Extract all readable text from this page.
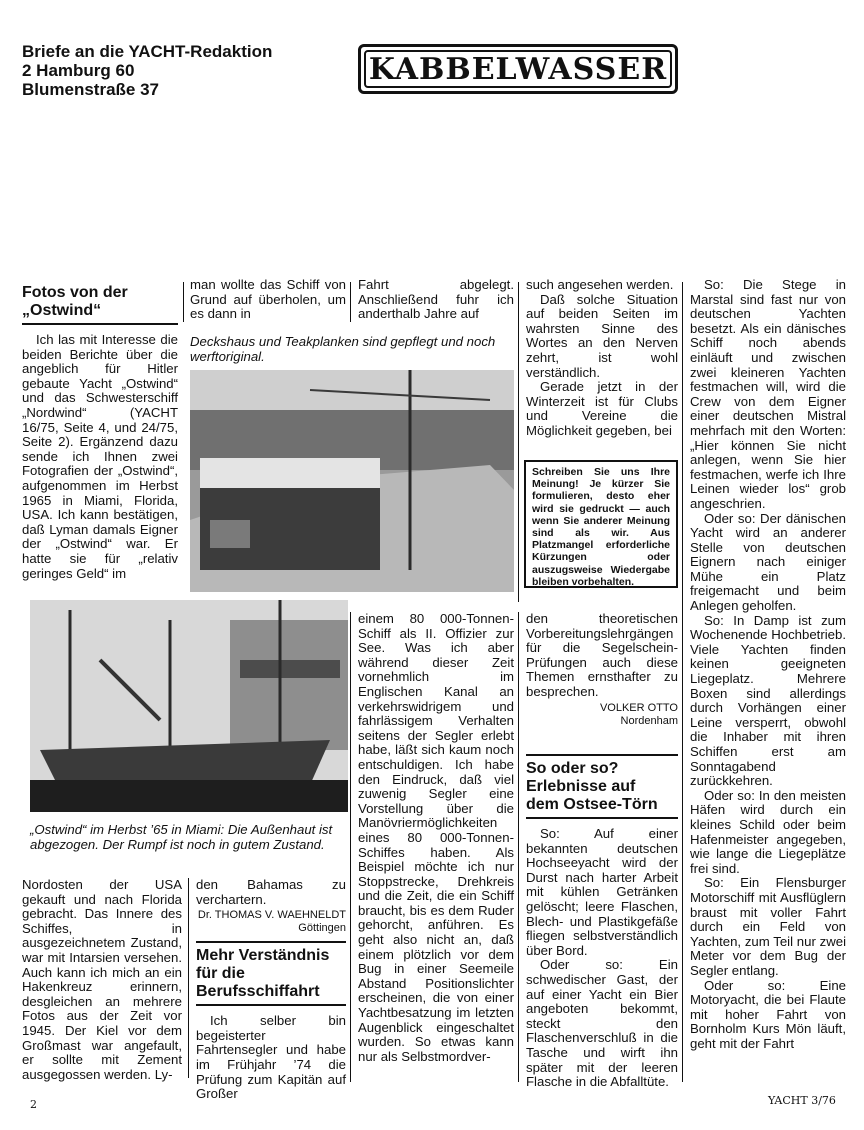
Briefe an die YACHT-Redaktion
2 Hamburg 60
Blumenstraße 37
KABBELWASSER
Fotos von der
„Ostwind“

Ich las mit Interesse die beiden Berichte über die angeblich für Hitler gebaute Yacht „Ostwind“ und das Schwesterschiff „Nordwind“ (YACHT 16/75, Seite 4, und 24/75, Seite 2). Ergänzend dazu sende ich Ihnen zwei Fotografien der „Ostwind“, aufgenommen im Herbst 1965 in Miami, Florida, USA. Ich kann bestätigen, daß Lyman damals Eigner der „Ostwind“ war. Er hatte sie für „relativ geringes Geld“ im

man wollte das Schiff von Grund auf überholen, um es dann in

Fahrt abgelegt. Anschließend fuhr ich anderthalb Jahre auf

Deckshaus und Teakplanken sind gepflegt und noch werftoriginal.
Schreiben Sie uns Ihre Meinung! Je kürzer Sie formulieren, desto eher wird sie gedruckt — auch wenn Sie anderer Meinung sind als wir. Aus Platzmangel erforderliche Kürzungen oder auszugsweise Wiedergabe bleiben vorbehalten.

such angesehen werden.

Daß solche Situation auf beiden Seiten im wahrsten Sinne des Wortes an den Nerven zehrt, ist wohl verständlich.

Gerade jetzt in der Winterzeit ist für Clubs und Vereine die Möglichkeit gegeben, bei

„Ostwind“ im Herbst ’65 in Miami: Die Außenhaut ist abgezogen. Der Rumpf ist noch in gutem Zustand.

einem 80 000-Tonnen-Schiff als II. Offizier zur See. Was ich aber während dieser Zeit vornehmlich im Englischen Kanal an verkehrswidrigem und fahrlässigem Verhalten seitens der Segler erlebt habe, läßt sich kaum noch entschuldigen. Ich habe den Eindruck, daß viel zuwenig Segler eine Vorstellung über die Manövriermöglichkeiten eines 80 000-Tonnen-Schiffes haben. Als Beispiel möchte ich nur Stoppstrecke, Drehkreis und die Zeit, die ein Schiff braucht, bis es dem Ruder gehorcht, anführen. Es geht also nicht an, daß einem plötzlich vor dem Bug in einer Seemeile Abstand Positionslichter erscheinen, die von einer Yachtbesatzung im letzten Augenblick eingeschaltet wurden. So etwas kann nur als Selbstmordver-

den theoretischen Vorbereitungslehrgängen für die Segelschein-Prüfungen auch diese Themen ernsthafter zu besprechen.

VOLKER OTTO
Nordenham
So oder so?
Erlebnisse auf
dem Ostsee-Törn

So: Auf einer bekannten deutschen Hochseeyacht wird der Durst nach harter Arbeit mit kühlen Getränken gelöscht; leere Flaschen, Blech- und Plastikgefäße fliegen selbstverständlich über Bord.

Oder so: Ein schwedischer Gast, der auf einer Yacht ein Bier angeboten bekommt, steckt den Flaschenverschluß in die Tasche und wirft ihn später mit der leeren Flasche in die Abfalltüte.

So: Die Stege in Marstal sind fast nur von deutschen Yachten besetzt. Als ein dänisches Schiff noch abends einläuft und zwischen zwei kleineren Yachten festmachen will, wird die Crew von dem Eigner einer deutschen Mistral mehrfach mit den Worten: „Hier können Sie nicht anlegen, wenn Sie hier festmachen, werfe ich Ihre Leinen wieder los“ grob angeschrien.

Oder so: Der dänischen Yacht wird an anderer Stelle von deutschen Eignern nach einiger Mühe ein Platz freigemacht und beim Anlegen geholfen.

So: In Damp ist zum Wochenende Hochbetrieb. Viele Yachten finden keinen geeigneten Liegeplatz. Mehrere Boxen sind allerdings durch Vorhängen einer Leine versperrt, obwohl die Inhaber mit ihren Schiffen erst am Sonntagabend zurückkehren.

Oder so: In den meisten Häfen wird durch ein kleines Schild oder beim Hafenmeister angegeben, wie lange die Liegeplätze frei sind.

So: Ein Flensburger Motorschiff mit Ausflüglern braust mit voller Fahrt durch ein Feld von Yachten, zum Teil nur zwei Meter vor dem Bug der Segler entlang.

Oder so: Eine Motoryacht, die bei Flaute mit hoher Fahrt von Bornholm Kurs Mön läuft, geht mit der Fahrt

Nordosten der USA gekauft und nach Florida gebracht. Das Innere des Schiffes, in ausgezeichnetem Zustand, war mit Intarsien versehen. Auch kann ich mich an ein Hakenkreuz erinnern, desgleichen an mehrere Fotos aus der Zeit vor 1945. Der Kiel vor dem Großmast war angefault, er sollte mit Zement ausgegossen werden. Ly-

den Bahamas zu verchartern.

Dr. THOMAS V. WAEHNELDT
Göttingen
Mehr Verständnis
für die
Berufsschiffahrt

Ich selber bin begeisterter Fahrtensegler und habe im Frühjahr ’74 die Prüfung zum Kapitän auf Großer

2	YACHT 3/76
